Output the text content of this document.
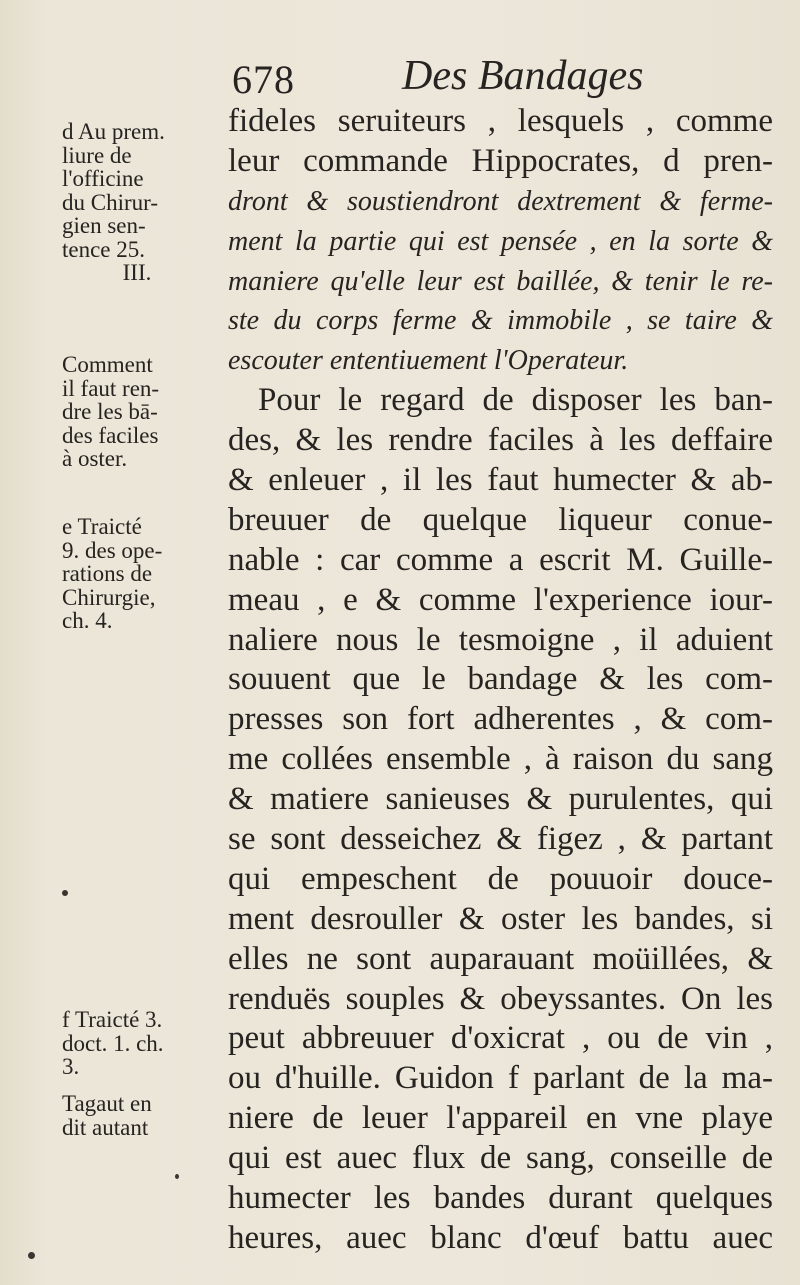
678	Des Bandages
d Au prem.
liure de
l'officine
du Chirur-
gien sen-
tence 25.
III.
Comment
il faut ren-
dre les bā-
des faciles
à oster.
e Traicté
9. des ope-
rations de
Chirurgie,
ch. 4.
f Traicté 3.
doct. 1. ch.
3.
Tagaut en
dit autant
fideles seruiteurs , lesquels , comme
leur commande Hippocrates, d pren-
dront & soustiendront dextrement & ferme-
ment la partie qui est pensée , en la sorte &
maniere qu'elle leur est baillée, & tenir le re-
ste du corps ferme & immobile , se taire &
escouter ententiuement l'Operateur.
Pour le regard de disposer les ban-
des, & les rendre faciles à les deffaire
& enleuer , il les faut humecter & ab-
breuuer de quelque liqueur conue-
nable : car comme a escrit M. Guille-
meau , e & comme l'experience iour-
naliere nous le tesmoigne , il aduient
souuent que le bandage & les com-
presses son fort adherentes , & com-
me collées ensemble , à raison du sang
& matiere sanieuses & purulentes, qui
se sont desseichez & figez , & partant
qui empeschent de pouuoir douce-
ment desrouller & oster les bandes, si
elles ne sont auparauant moüillées, &
renduës souples & obeyssantes. On les
peut abbreuuer d'oxicrat , ou de vin ,
ou d'huille. Guidon f parlant de la ma-
niere de leuer l'appareil en vne playe
qui est auec flux de sang, conseille de
humecter les bandes durant quelques
heures, auec blanc d'œuf battu auec
